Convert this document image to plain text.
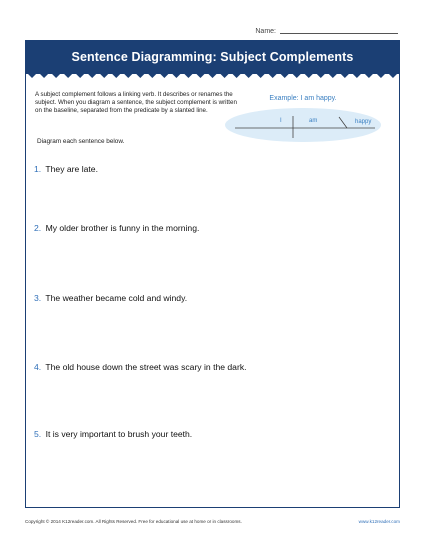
Name:
Sentence Diagramming: Subject Complements
A subject complement follows a linking verb. It describes or renames the subject. When you diagram a sentence, the subject complement is written on the baseline, separated from the predicate by a slanted line.
Example: I am happy.
I	am	happy
Diagram each sentence below.
1. They are late.
2. My older brother is funny in the morning.
3. The weather became cold and windy.
4. The old house down the street was scary in the dark.
5. It is very important to brush your teeth.
Copyright © 2014 K12reader.com. All Rights Reserved. Free for educational use at home or in classrooms.	www.k12reader.com
